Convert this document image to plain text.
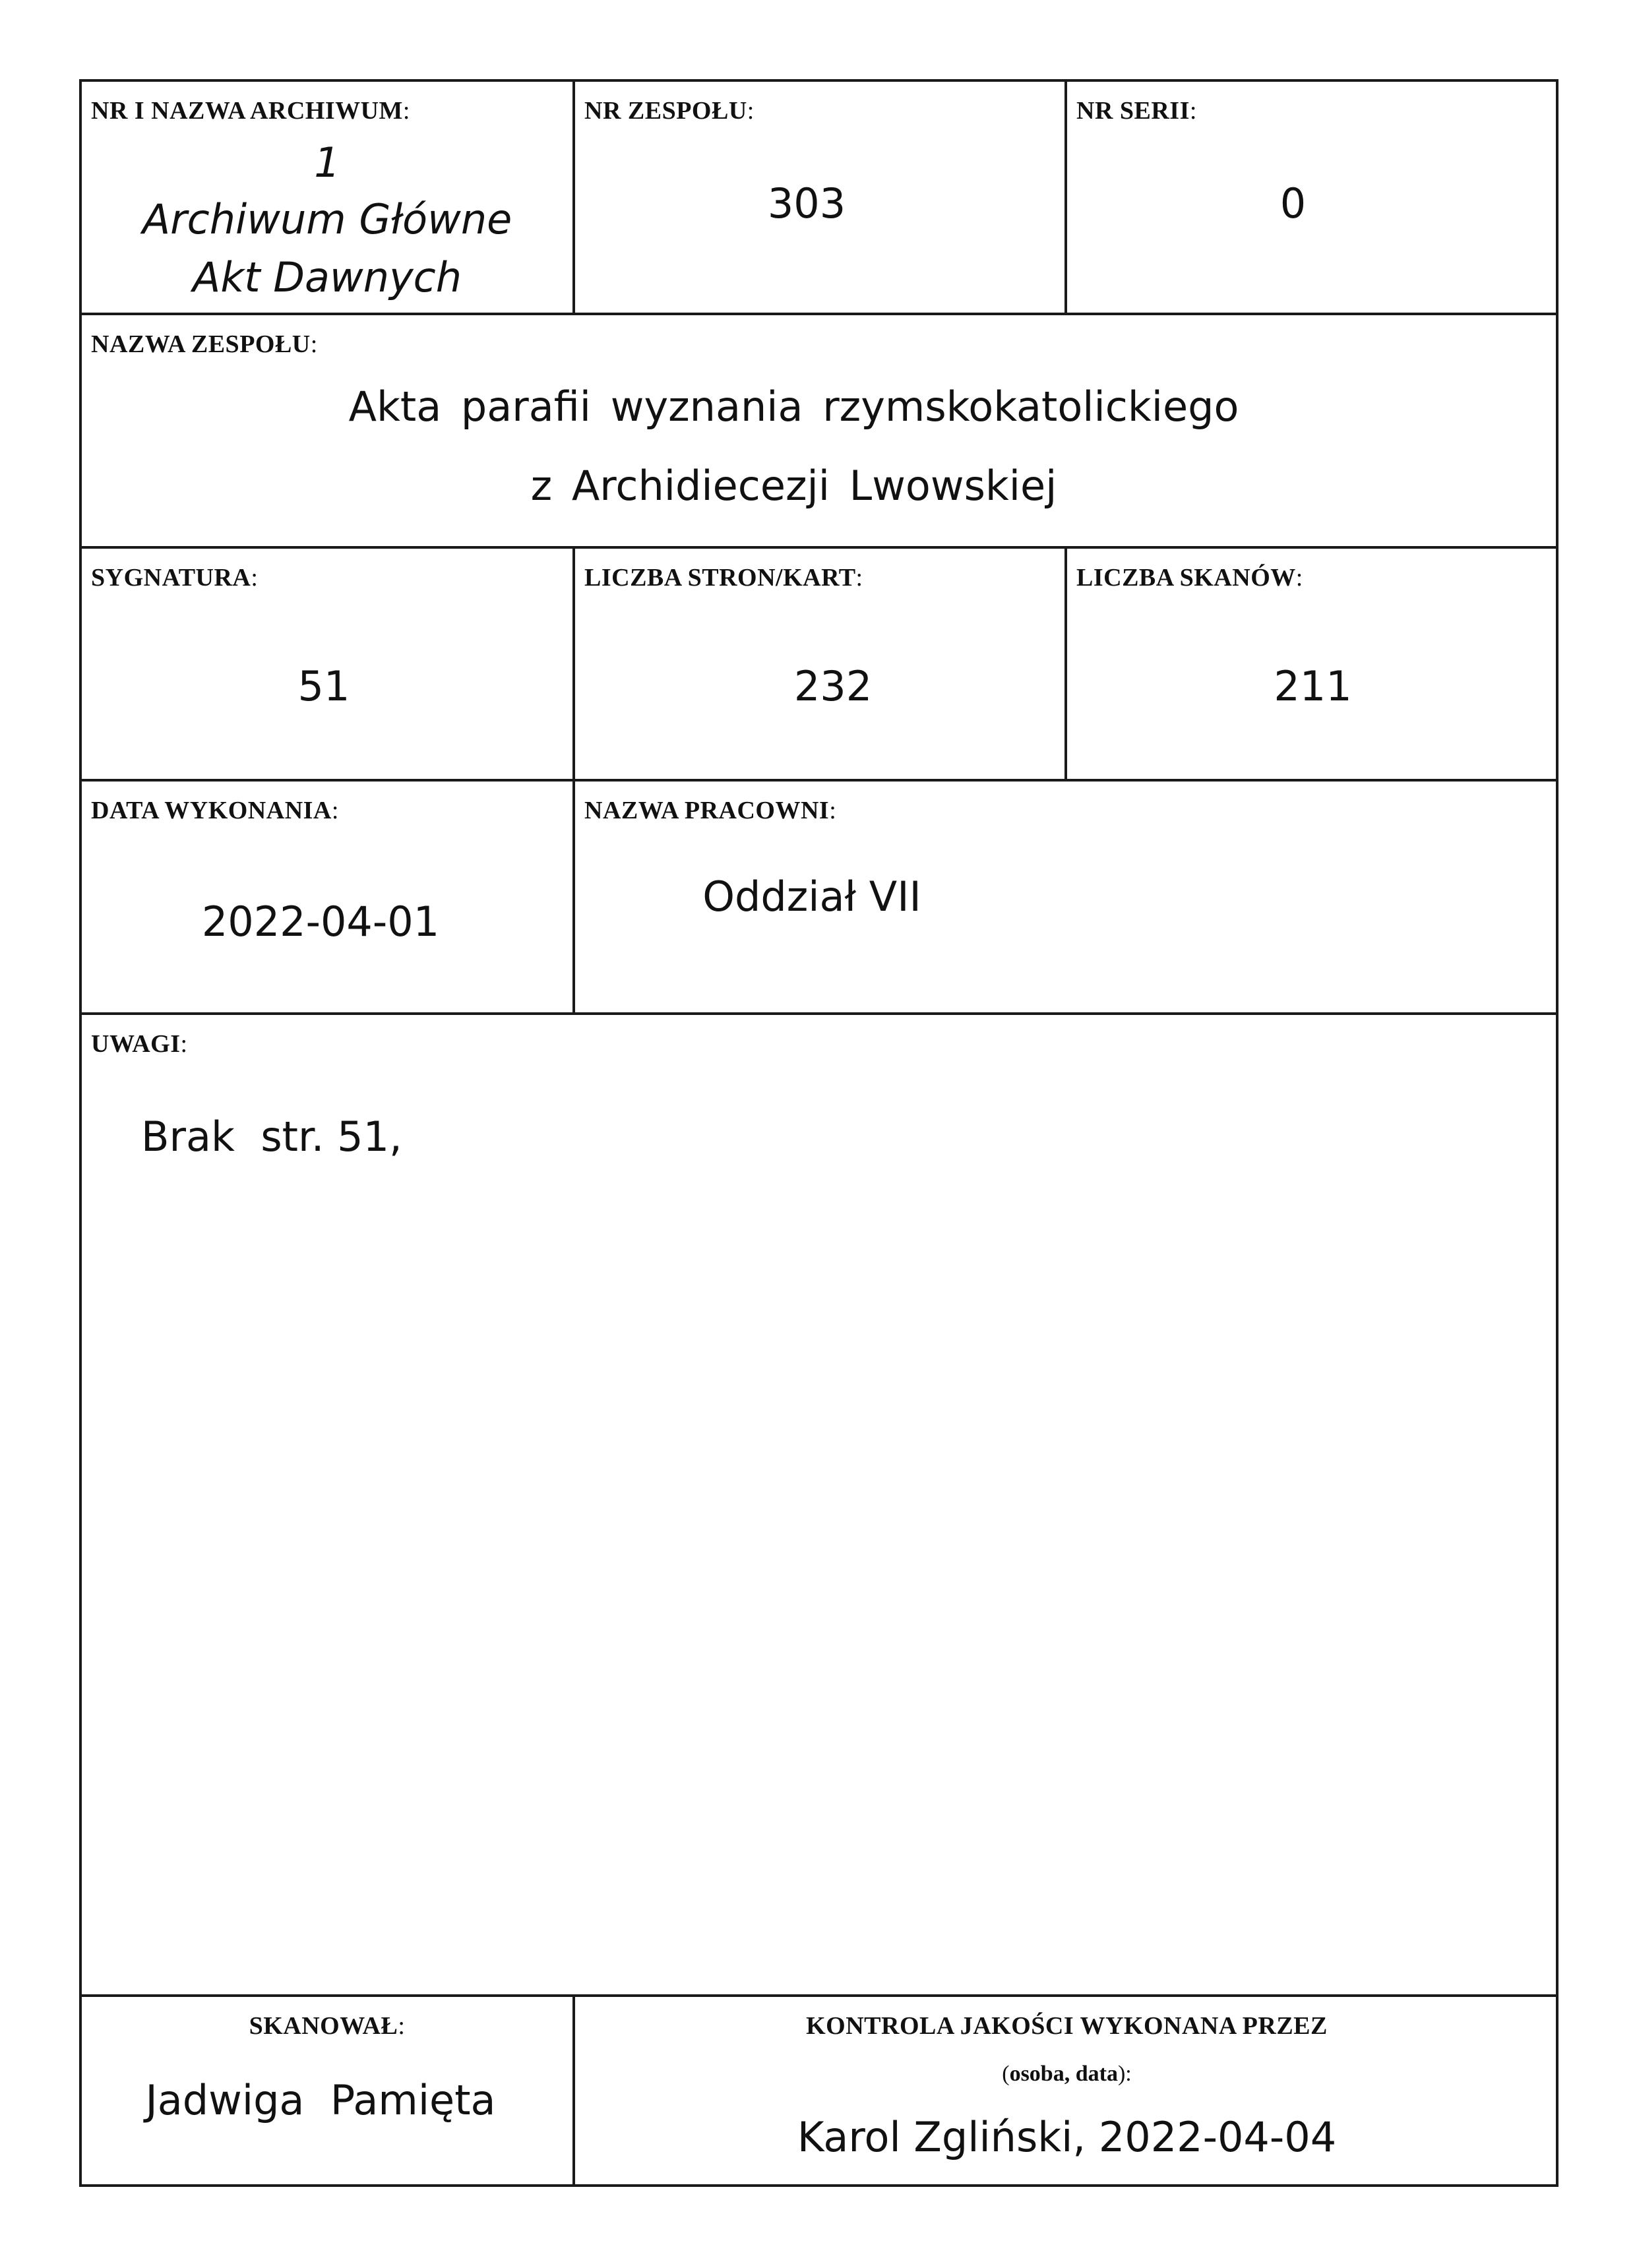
NR I NAZWA ARCHIWUM:
1
Archiwum Główne
Akt Dawnych
NR ZESPOŁU:
303
NR SERII:
0
NAZWA ZESPOŁU:
Akta parafii wyznania rzymskokatolickiego
z Archidiecezji Lwowskiej
SYGNATURA:
51
LICZBA STRON/KART:
232
LICZBA SKANÓW:
211
DATA WYKONANIA:
2022-04-01
NAZWA PRACOWNI:
Oddział VII
UWAGI:
Brak  str. 51,
SKANOWAŁ:
Jadwiga  Pamięta
KONTROLA JAKOŚCI WYKONANA PRZEZ
(osoba, data):
Karol Zgliński, 2022-04-04
